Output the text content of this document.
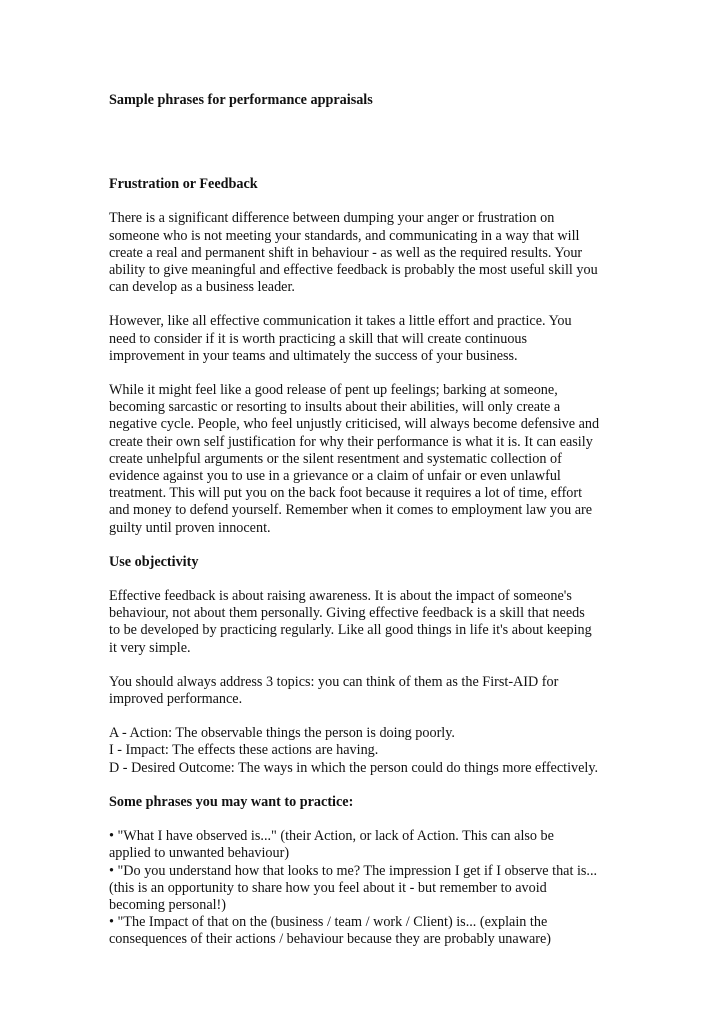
Sample phrases for performance appraisals
Frustration or Feedback
There is a significant difference between dumping your anger or frustration on
someone who is not meeting your standards, and communicating in a way that will
create a real and permanent shift in behaviour - as well as the required results. Your
ability to give meaningful and effective feedback is probably the most useful skill you
can develop as a business leader.
However, like all effective communication it takes a little effort and practice. You
need to consider if it is worth practicing a skill that will create continuous
improvement in your teams and ultimately the success of your business.
While it might feel like a good release of pent up feelings; barking at someone,
becoming sarcastic or resorting to insults about their abilities, will only create a
negative cycle. People, who feel unjustly criticised, will always become defensive and
create their own self justification for why their performance is what it is. It can easily
create unhelpful arguments or the silent resentment and systematic collection of
evidence against you to use in a grievance or a claim of unfair or even unlawful
treatment. This will put you on the back foot because it requires a lot of time, effort
and money to defend yourself. Remember when it comes to employment law you are
guilty until proven innocent.
Use objectivity
Effective feedback is about raising awareness. It is about the impact of someone's
behaviour, not about them personally. Giving effective feedback is a skill that needs
to be developed by practicing regularly. Like all good things in life it's about keeping
it very simple.
You should always address 3 topics: you can think of them as the First-AID for
improved performance.
A - Action: The observable things the person is doing poorly.
I - Impact: The effects these actions are having.
D - Desired Outcome: The ways in which the person could do things more effectively.
Some phrases you may want to practice:
• "What I have observed is..." (their Action, or lack of Action. This can also be
applied to unwanted behaviour)
• "Do you understand how that looks to me? The impression I get if I observe that is...
(this is an opportunity to share how you feel about it - but remember to avoid
becoming personal!)
• "The Impact of that on the (business / team / work / Client) is... (explain the
consequences of their actions / behaviour because they are probably unaware)
